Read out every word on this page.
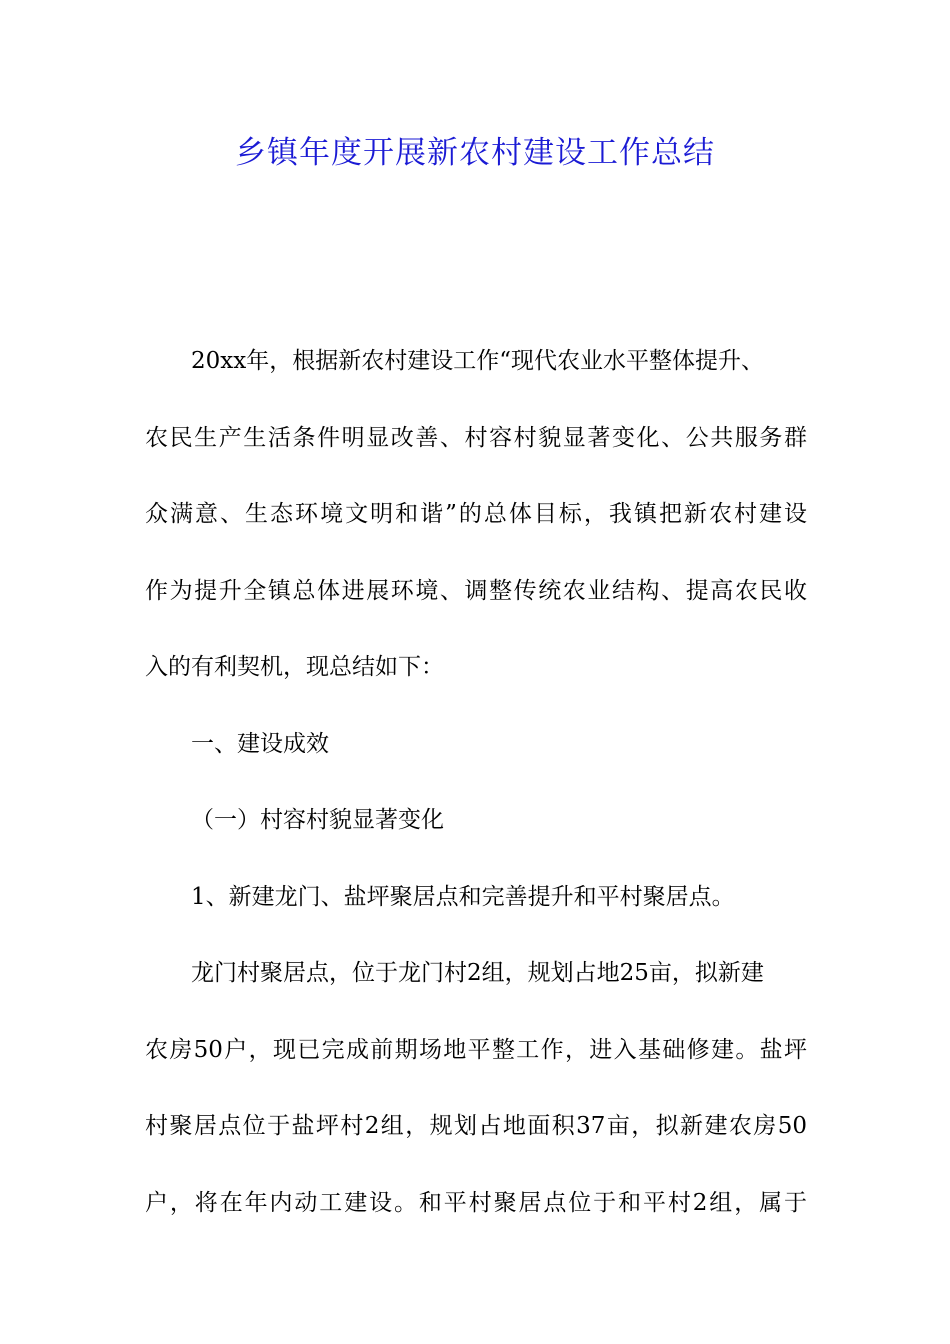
乡镇年度开展新农村建设工作总结
20xx年，根据新农村建设工作“现代农业水平整体提升、
农民生产生活条件明显改善、村容村貌显著变化、公共服务群
众满意、生态环境文明和谐”的总体目标，我镇把新农村建设
作为提升全镇总体进展环境、调整传统农业结构、提高农民收
入的有利契机，现总结如下：
一、建设成效
（一）村容村貌显著变化
1、新建龙门、盐坪聚居点和完善提升和平村聚居点。
龙门村聚居点，位于龙门村2组，规划占地25亩，拟新建
农房50户，现已完成前期场地平整工作，进入基础修建。盐坪
村聚居点位于盐坪村2组，规划占地面积37亩，拟新建农房50
户，将在年内动工建设。和平村聚居点位于和平村2组，属于
